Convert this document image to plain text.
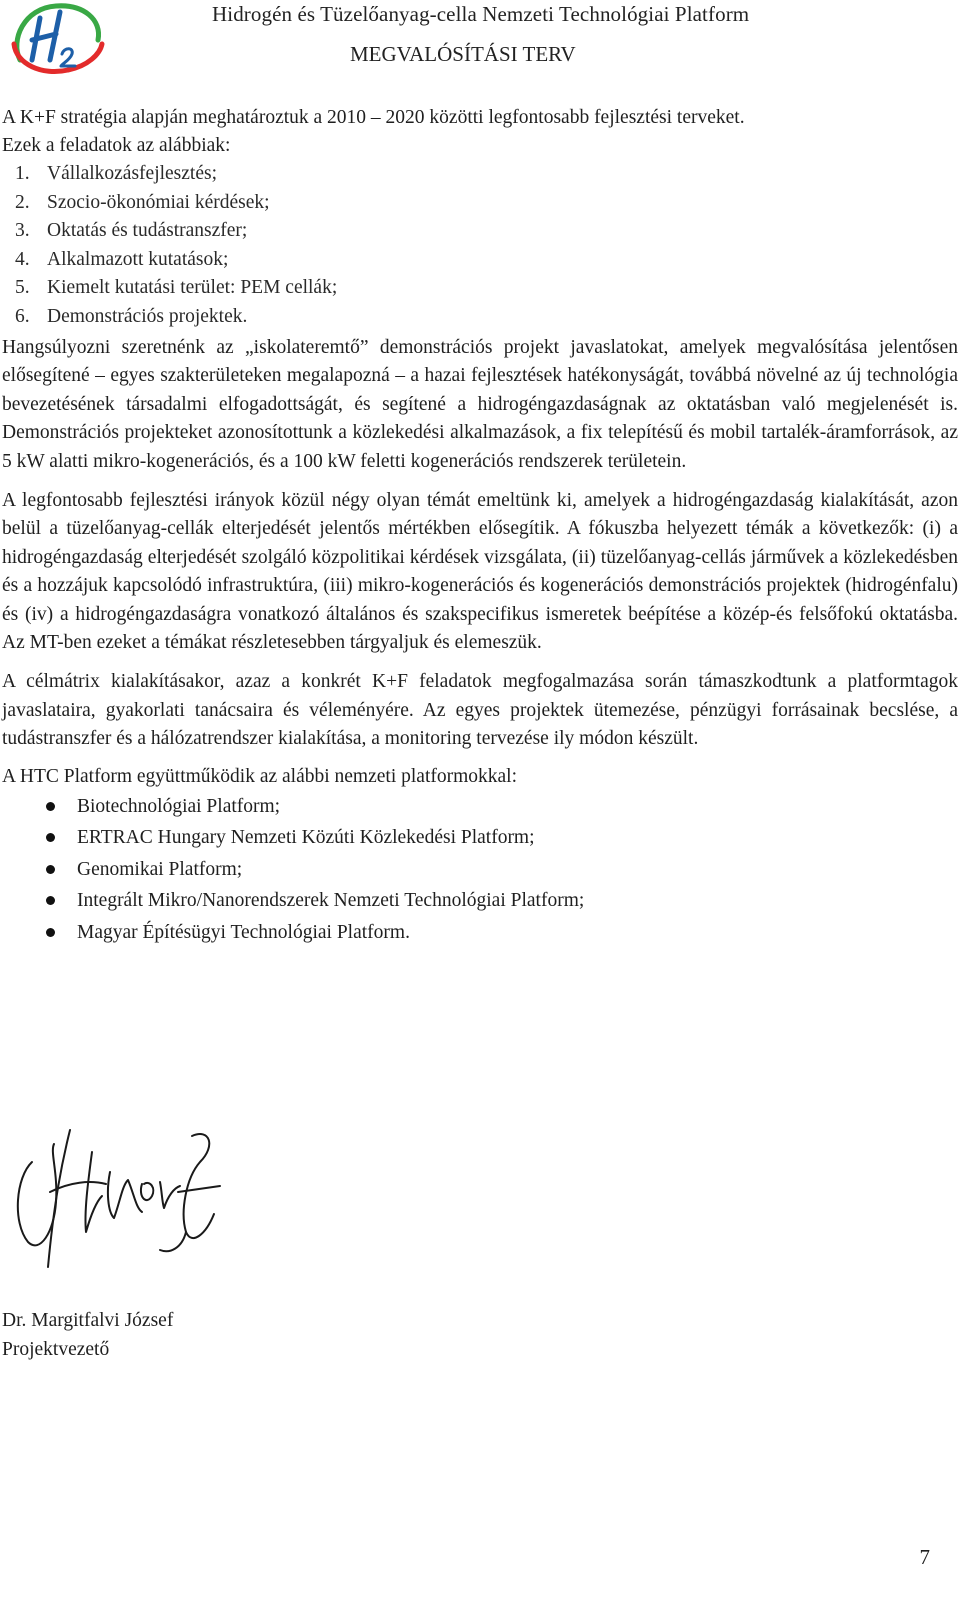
Hidrogén és Tüzelőanyag-cella Nemzeti Technológiai Platform
MEGVALÓSÍTÁSI TERV

A K+F stratégia alapján meghatároztuk a 2010 – 2020 közötti legfontosabb fejlesztési terveket.

Ezek a feladatok az alábbiak:

1. Vállalkozásfejlesztés;
2. Szocio-ökonómiai kérdések;
3. Oktatás és tudástranszfer;
4. Alkalmazott kutatások;
5. Kiemelt kutatási terület: PEM cellák;
6. Demonstrációs projektek.

Hangsúlyozni szeretnénk az „iskolateremtő” demonstrációs projekt javaslatokat, amelyek megvalósítása jelentősen elősegítené – egyes szakterületeken megalapozná – a hazai fejlesztések hatékonyságát, továbbá növelné az új technológia bevezetésének társadalmi elfogadottságát, és segítené a hidrogéngazdaságnak az oktatásban való megjelenését is. Demonstrációs projekteket azonosítottunk a közlekedési alkalmazások, a fix telepítésű és mobil tartalék-áramforrások, az 5 kW alatti mikro-kogenerációs, és a 100 kW feletti kogenerációs rendszerek területein.

A legfontosabb fejlesztési irányok közül négy olyan témát emeltünk ki, amelyek a hidrogéngazdaság kialakítását, azon belül a tüzelőanyag-cellák elterjedését jelentős mértékben elősegítik. A fókuszba helyezett témák a következők: (i) a hidrogéngazdaság elterjedését szolgáló közpolitikai kérdések vizsgálata, (ii) tüzelőanyag-cellás járművek a közlekedésben és a hozzájuk kapcsolódó infrastruktúra, (iii) mikro-kogenerációs és kogenerációs demonstrációs projektek (hidrogénfalu) és (iv) a hidrogéngazdaságra vonatkozó általános és szakspecifikus ismeretek beépítése a közép-és felsőfokú oktatásba. Az MT-ben ezeket a témákat részletesebben tárgyaljuk és elemeszük.

A célmátrix kialakításakor, azaz a konkrét K+F feladatok megfogalmazása során támaszkodtunk a platformtagok javaslataira, gyakorlati tanácsaira és véleményére. Az egyes projektek ütemezése, pénzügyi forrásainak becslése, a tudástranszfer és a hálózatrendszer kialakítása, a monitoring tervezése ily módon készült.

A HTC Platform együttműködik az alábbi nemzeti platformokkal:

Biotechnológiai Platform;
ERTRAC Hungary Nemzeti Közúti Közlekedési Platform;
Genomikai Platform;
Integrált Mikro/Nanorendszerek Nemzeti Technológiai Platform;
Magyar Építésügyi Technológiai Platform.
Dr. Margitfalvi József
Projektvezető
7
